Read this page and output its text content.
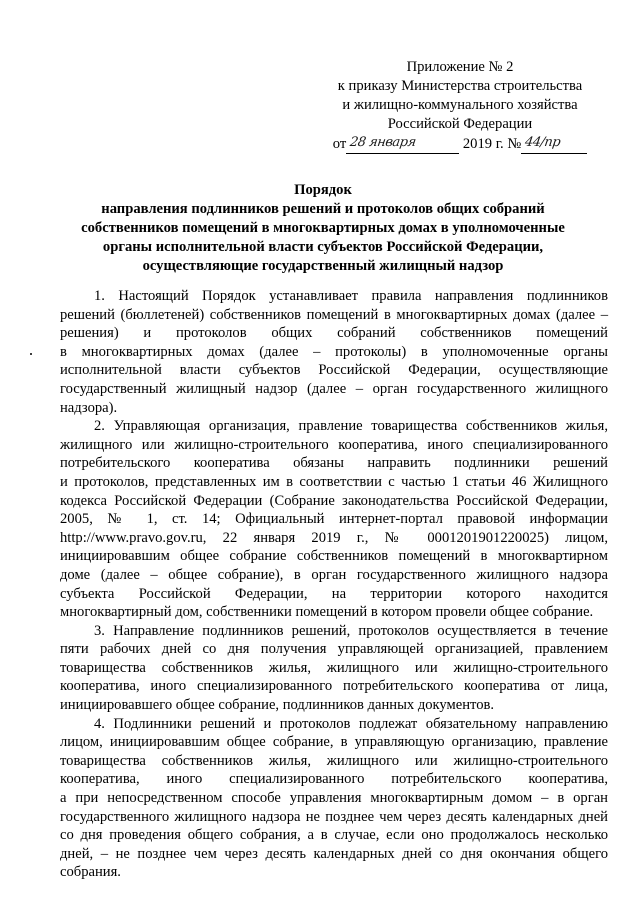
Приложение № 2
к приказу Министерства строительства
и жилищно-коммунального хозяйства
Российской Федерации
от 28 января	2019 г. № 44/пр
Порядок
направления подлинников решений и протоколов общих собраний
собственников помещений в многоквартирных домах в уполномоченные
органы исполнительной власти субъектов Российской Федерации,
осуществляющие государственный жилищный надзор
1. Настоящий Порядок устанавливает правила направления подлинников
решений (бюллетеней) собственников помещений в многоквартирных домах (далее –
решения) и протоколов общих собраний собственников помещений
в многоквартирных домах (далее – протоколы) в уполномоченные органы
исполнительной власти субъектов Российской Федерации, осуществляющие
государственный жилищный надзор (далее – орган государственного жилищного
надзора).
2. Управляющая организация, правление товарищества собственников жилья,
жилищного или жилищно-строительного кооператива, иного специализированного
потребительского кооператива обязаны направить подлинники решений
и протоколов, представленных им в соответствии с частью 1 статьи 46 Жилищного
кодекса Российской Федерации (Собрание законодательства Российской Федерации,
2005, № 1, ст. 14; Официальный интернет-портал правовой информации
http://www.pravo.gov.ru, 22 января 2019 г., № 0001201901220025) лицом,
инициировавшим общее собрание собственников помещений в многоквартирном
доме (далее – общее собрание), в орган государственного жилищного надзора
субъекта Российской Федерации, на территории которого находится
многоквартирный дом, собственники помещений в котором провели общее собрание.
3. Направление подлинников решений, протоколов осуществляется в течение
пяти рабочих дней со дня получения управляющей организацией, правлением
товарищества собственников жилья, жилищного или жилищно-строительного
кооператива, иного специализированного потребительского кооператива от лица,
инициировавшего общее собрание, подлинников данных документов.
4. Подлинники решений и протоколов подлежат обязательному направлению
лицом, инициировавшим общее собрание, в управляющую организацию, правление
товарищества собственников жилья, жилищного или жилищно-строительного
кооператива, иного специализированного потребительского кооператива,
а при непосредственном способе управления многоквартирным домом – в орган
государственного жилищного надзора не позднее чем через десять календарных дней
со дня проведения общего собрания, а в случае, если оно продолжалось несколько
дней, – не позднее чем через десять календарных дней со дня окончания общего
собрания.
